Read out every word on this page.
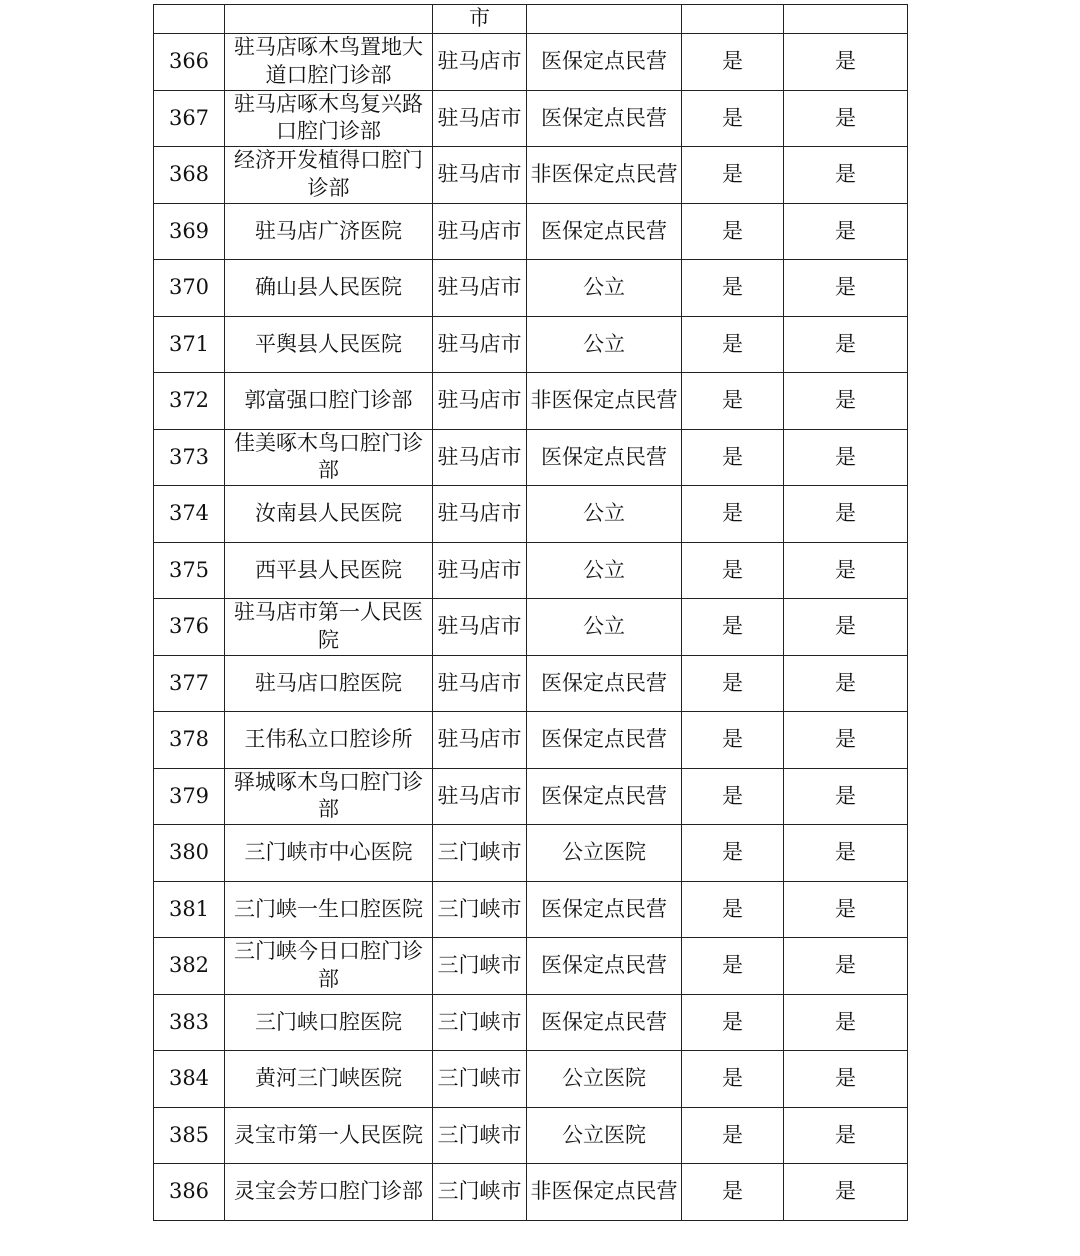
		市			

366	驻马店啄木鸟置地大道口腔门诊部	驻马店市	医保定点民营	是	是
367	驻马店啄木鸟复兴路口腔门诊部	驻马店市	医保定点民营	是	是
368	经济开发植得口腔门诊部	驻马店市	非医保定点民营	是	是
369	驻马店广济医院	驻马店市	医保定点民营	是	是
370	确山县人民医院	驻马店市	公立	是	是
371	平舆县人民医院	驻马店市	公立	是	是
372	郭富强口腔门诊部	驻马店市	非医保定点民营	是	是
373	佳美啄木鸟口腔门诊部	驻马店市	医保定点民营	是	是
374	汝南县人民医院	驻马店市	公立	是	是
375	西平县人民医院	驻马店市	公立	是	是
376	驻马店市第一人民医院	驻马店市	公立	是	是
377	驻马店口腔医院	驻马店市	医保定点民营	是	是
378	王伟私立口腔诊所	驻马店市	医保定点民营	是	是
379	驿城啄木鸟口腔门诊部	驻马店市	医保定点民营	是	是
380	三门峡市中心医院	三门峡市	公立医院	是	是
381	三门峡一生口腔医院	三门峡市	医保定点民营	是	是
382	三门峡今日口腔门诊部	三门峡市	医保定点民营	是	是
383	三门峡口腔医院	三门峡市	医保定点民营	是	是
384	黄河三门峡医院	三门峡市	公立医院	是	是
385	灵宝市第一人民医院	三门峡市	公立医院	是	是
386	灵宝会芳口腔门诊部	三门峡市	非医保定点民营	是	是
